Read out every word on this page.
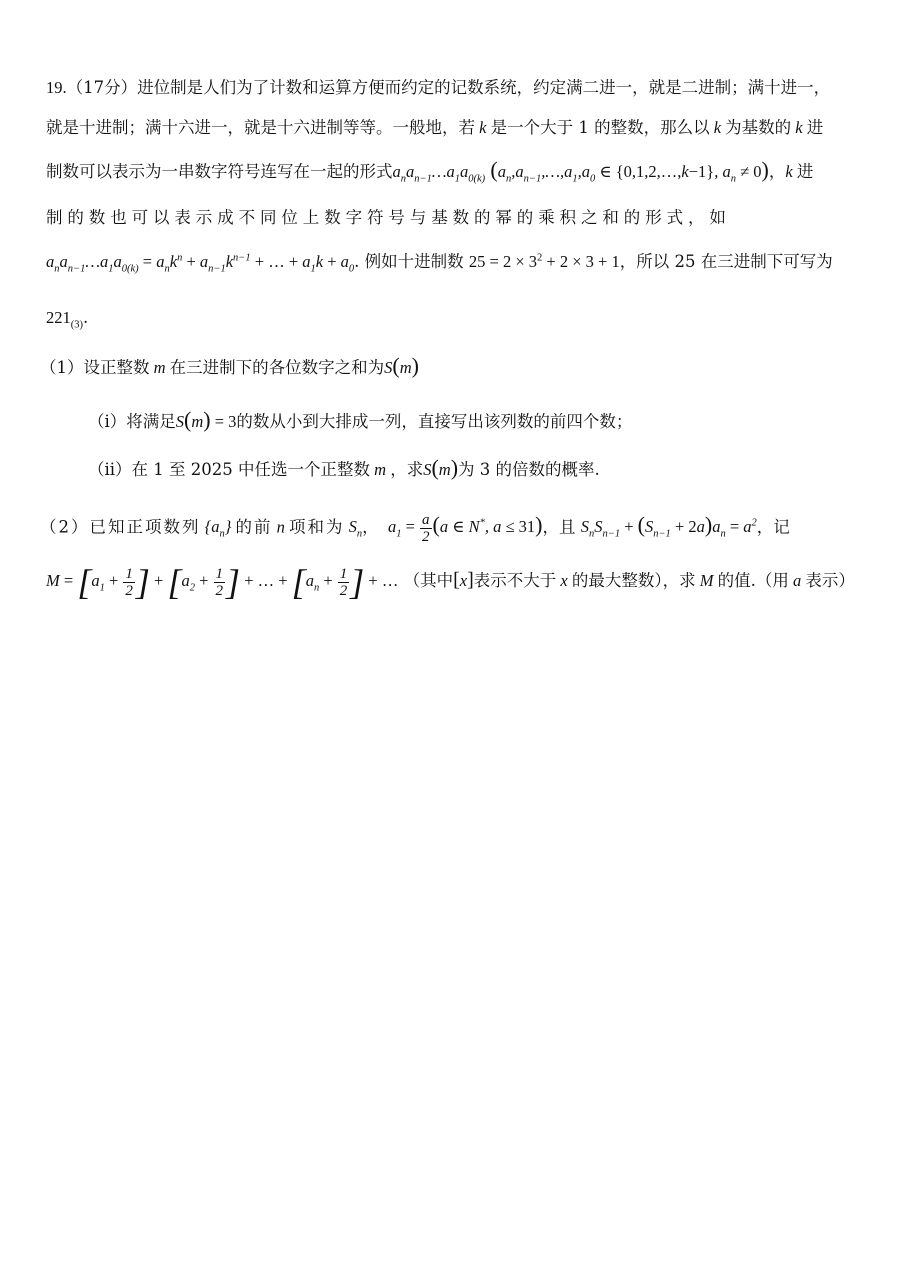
19.（17分）进位制是人们为了计数和运算方便而约定的记数系统，约定满二进一，就是二进制；满十进一，
就是十进制；满十六进一，就是十六进制等等。一般地，若 k 是一个大于 1 的整数，那么以 k 为基数的 k 进
制数可以表示为一串数字符号连写在一起的形式$a_na_{n-1}\dots a_1a_{0(k)}$ ($a_n,a_{n-1},\dots,a_1,a_0$ ∈ {0,1,2,…,k−1}, $a_n \ne 0$)，k 进
制的数也可以表示成不同位上数字符号与基数的幂的乘积之和的形式，如
$a_na_{n-1}\dots a_1a_{0(k)} = a_nk^n + a_{n-1}k^{n-1}$ + … + $a_1k + a_0$. 例如十进制数 $25 = 2 \times 3^2 + 2 \times 3 + 1$，所以 25 在三进制下可写为
$221_{(3)}$.
（1）设正整数 m 在三进制下的各位数字之和为S(m)
（i）将满足S(m) = 3的数从小到大排成一列，直接写出该列数的前四个数；
（ii）在 1 至 2025 中任选一个正整数 m ，求S(m)为 3 的倍数的概率.
（2）已知正项数列 $\{a_n\}$ 的前 n 项和为 $S_n$，  $a_1 = \frac{a}{2} (a$ ∈ N*, a ≤ 31)，且 $S_nS_{n-1} + (S_{n-1} + 2a)a_n = a^2$，记
$M = [a_1 + \frac{1}{2}$ ] + [$a_2 + \frac{1}{2}$ ] + … + [$a_n + \frac{1}{2}$ ] + … （其中[x]表示不大于 x 的最大整数），求 M 的值.（用 a 表示）
